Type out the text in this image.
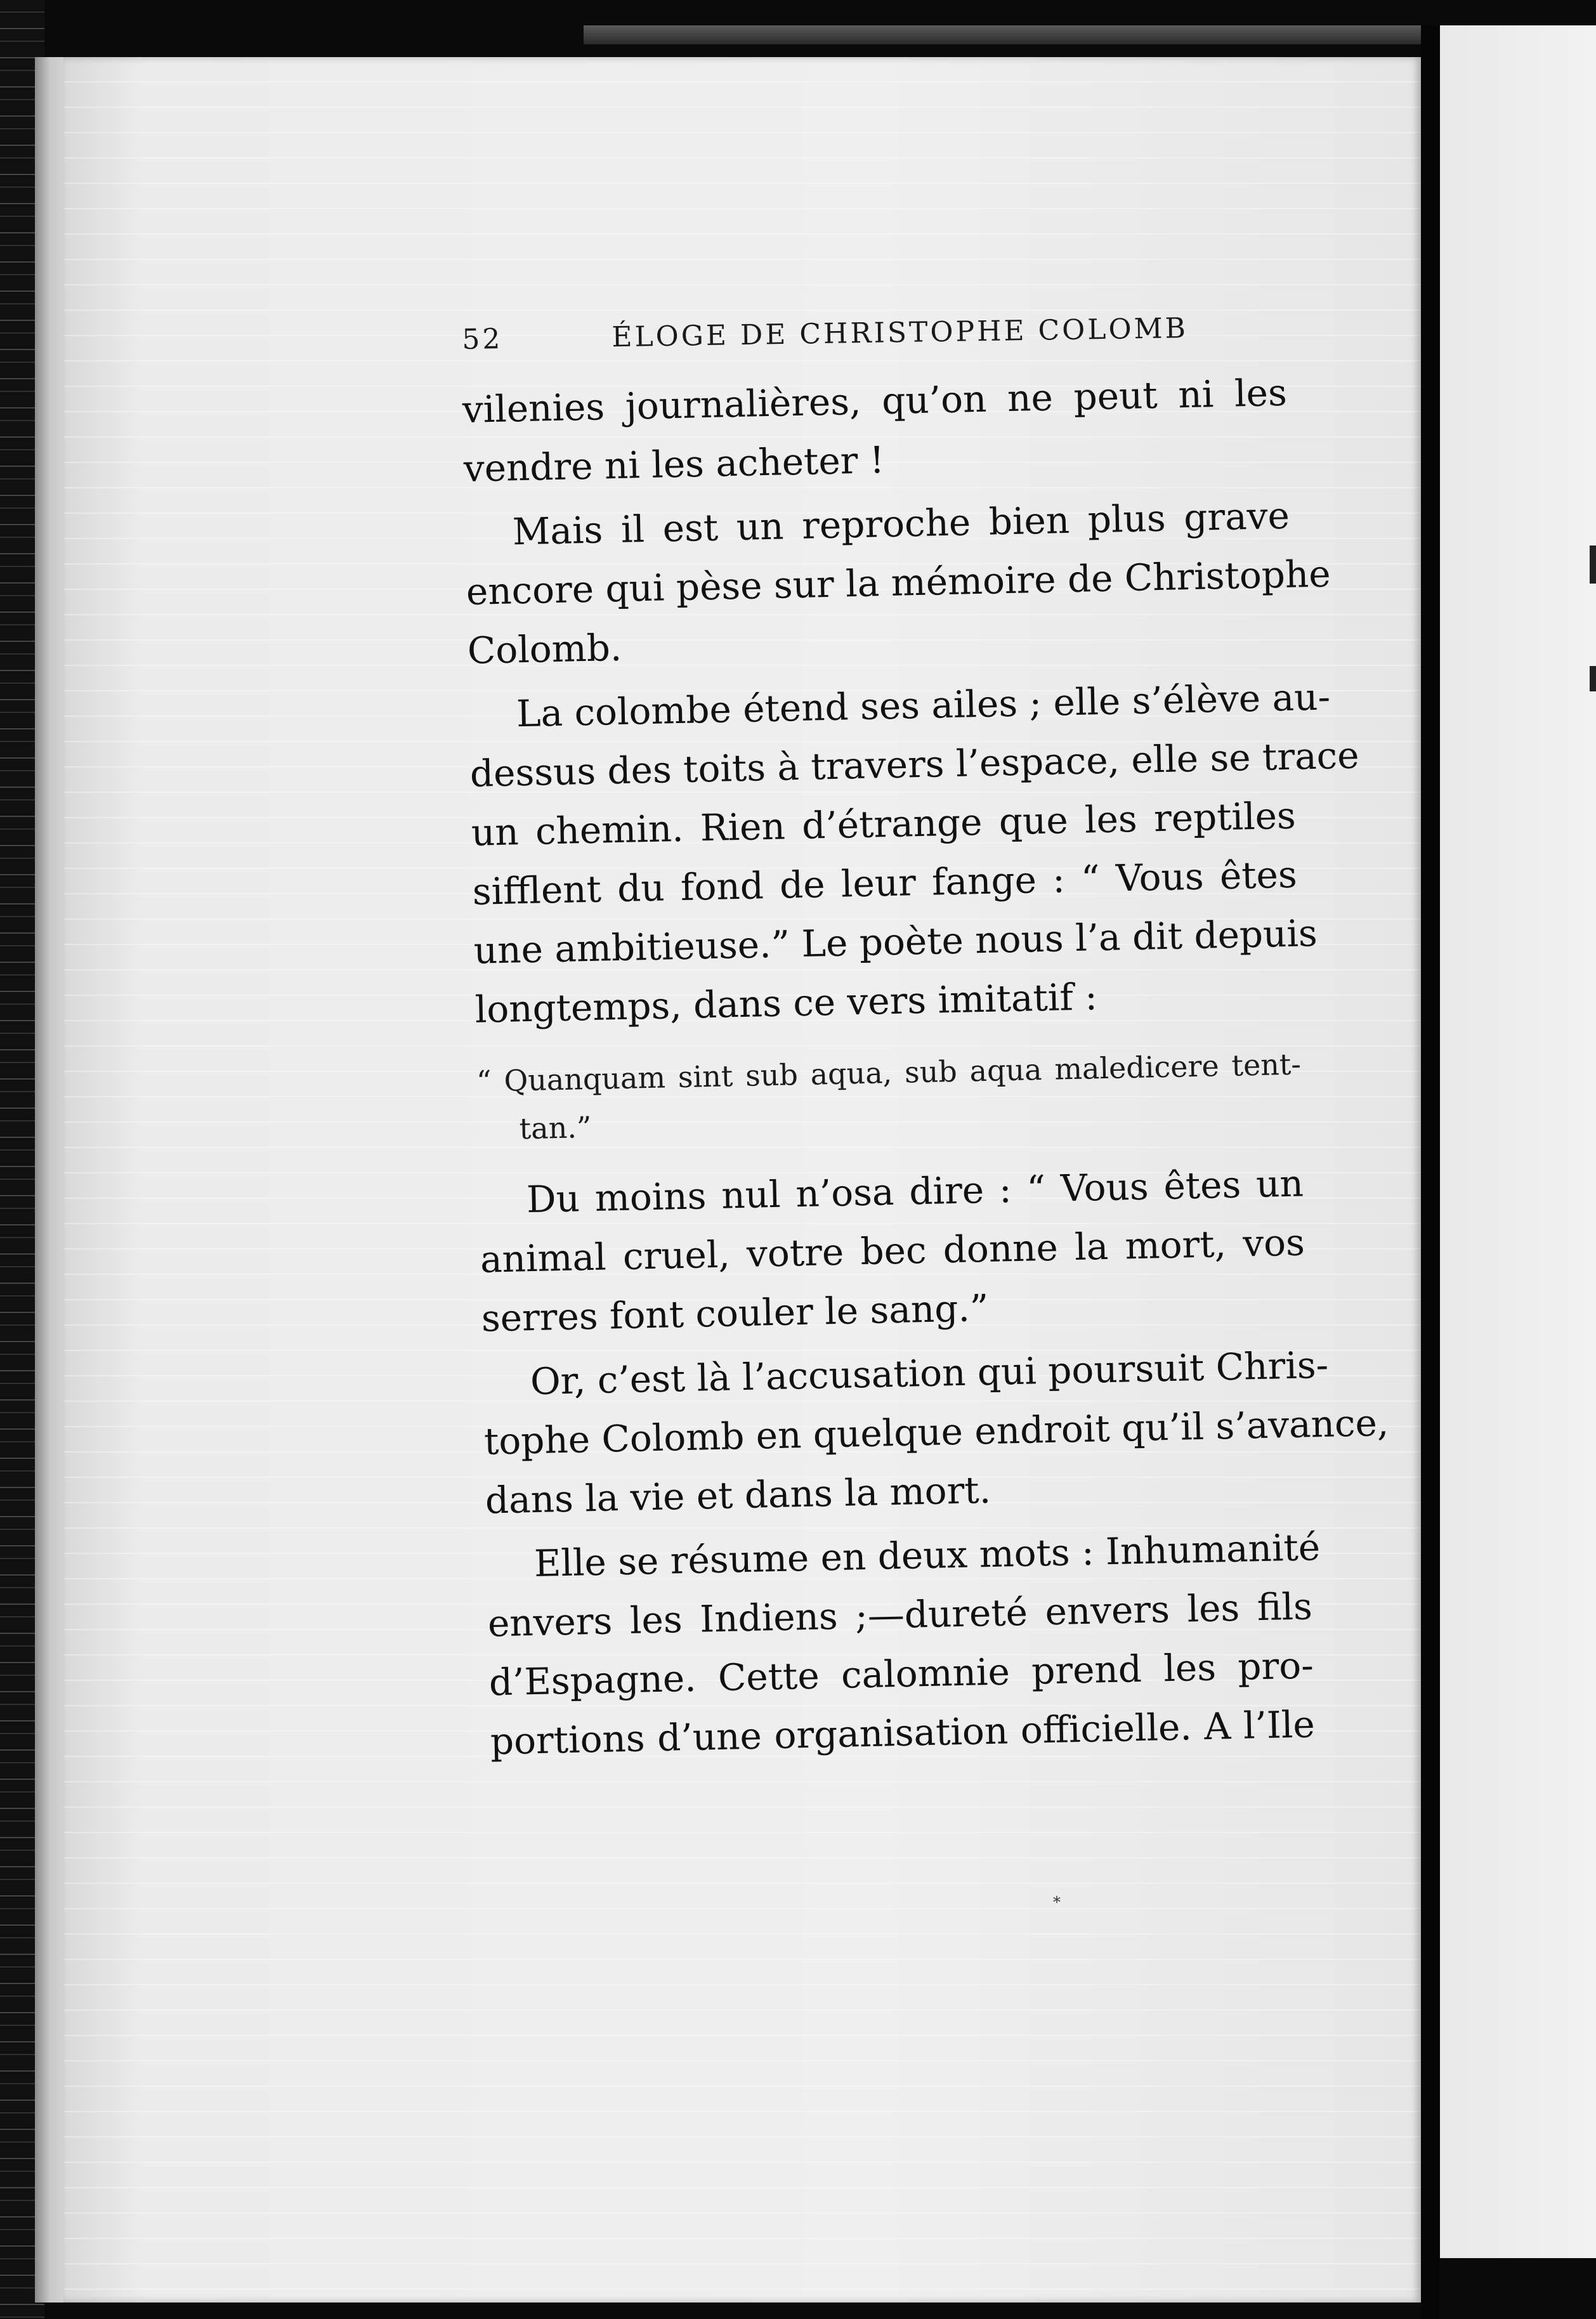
52	ÉLOGE DE CHRISTOPHE COLOMB
vilenies journalières, qu’on ne peut ni les
vendre ni les acheter !
Mais il est un reproche bien plus grave
encore qui pèse sur la mémoire de Christophe
Colomb.
La colombe étend ses ailes ; elle s’élève au-
dessus des toits à travers l’espace, elle se trace
un chemin. Rien d’étrange que les reptiles
sifflent du fond de leur fange : “ Vous êtes
une ambitieuse.” Le poète nous l’a dit depuis
longtemps, dans ce vers imitatif :
“ Quanquam sint sub aqua, sub aqua maledicere tent-
tan.”
Du moins nul n’osa dire : “ Vous êtes un
animal cruel, votre bec donne la mort, vos
serres font couler le sang.”
Or, c’est là l’accusation qui poursuit Chris-
tophe Colomb en quelque endroit qu’il s’avance,
dans la vie et dans la mort.
Elle se résume en deux mots : Inhumanité
envers les Indiens ;—dureté envers les fils
d’Espagne. Cette calomnie prend les pro-
portions d’une organisation officielle. A l’Ile
*
